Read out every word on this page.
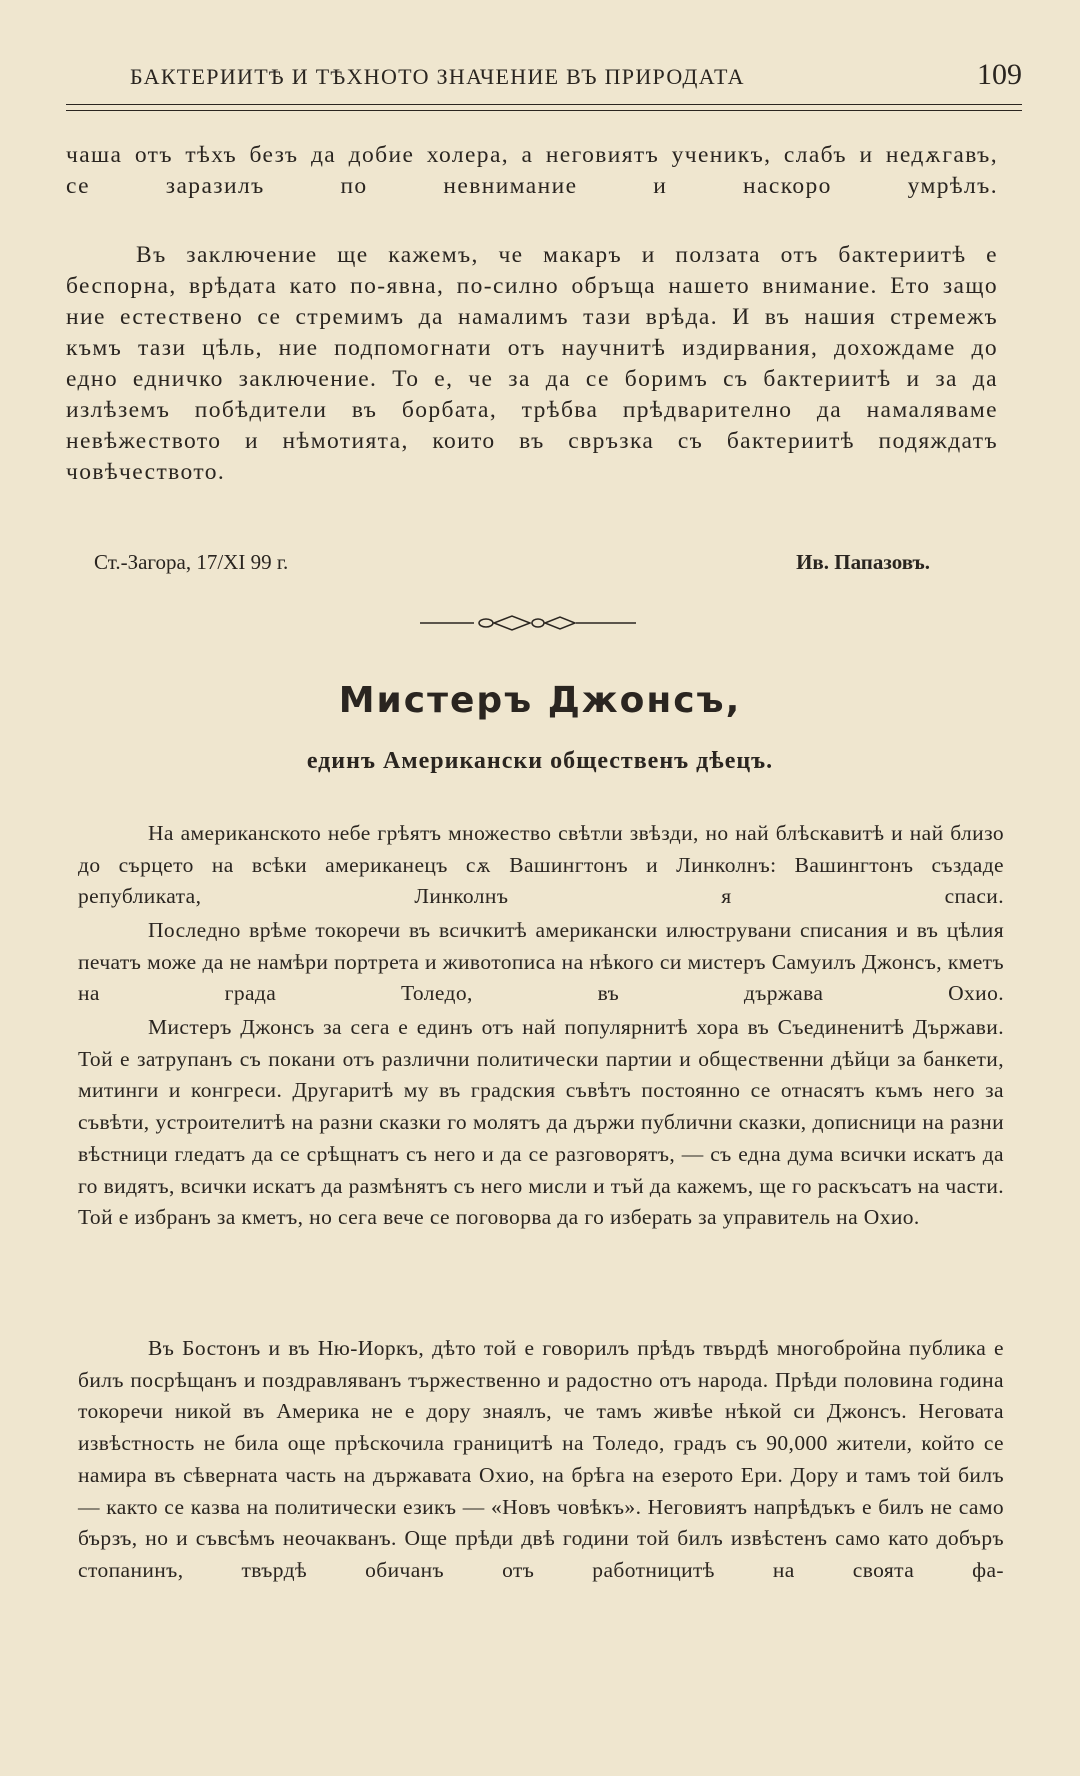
БАКТЕРИИТѢ И ТѢХНОТО ЗНАЧЕНИЕ ВЪ ПРИРОДАТА	109

чаша отъ тѣхъ безъ да добие холера, а неговиятъ ученикъ, слабъ и недѫгавъ, се заразилъ по невнимание и наскоро умрѣлъ.

Въ заключение ще кажемъ, че макаръ и ползата отъ бактериитѣ е беспорна, врѣдата като по-явна, по-силно обръща нашето внимание. Ето защо ние естествено се стремимъ да намалимъ тази врѣда. И въ нашия стремежъ къмъ тази цѣль, ние подпомогнати отъ научнитѣ издирвания, дохождаме до едно едничко заключение. То е, че за да се боримъ съ бактериитѣ и за да излѣземъ побѣдители въ борбата, трѣбва прѣдварително да намаляваме невѣжеството и нѣмотията, които въ свръзка съ бактериитѣ подяждатъ човѣчеството.

Ст.-Загора, 17/XI 99 г.	Ив. Папазовъ.
Мистеръ Джонсъ,
единъ Американски общественъ дѣецъ.

На американското небе грѣятъ множество свѣтли звѣзди, но най блѣскавитѣ и най близо до сърцето на всѣки американецъ сѫ Вашингтонъ и Линколнъ: Вашингтонъ създаде републиката, Линколнъ я спаси.

Последно врѣме токоречи въ всичкитѣ американски илюструвани списания и въ цѣлия печатъ може да не намѣри портрета и животописа на нѣкого си мистеръ Самуилъ Джонсъ, кметъ на града Толедо, въ държава Охио.

Мистеръ Джонсъ за сега е единъ отъ най популярнитѣ хора въ Съединенитѣ Държави. Той е затрупанъ съ покани отъ различни политически партии и общественни дѣйци за банкети, митинги и конгреси. Другаритѣ му въ градския съвѣтъ постоянно се отнасятъ къмъ него за съвѣти, устроителитѣ на разни сказки го молятъ да държи публични сказки, дописници на разни вѣстници гледатъ да се срѣщнатъ съ него и да се разговорятъ, — съ една дума всички искатъ да го видятъ, всички искатъ да размѣнятъ съ него мисли и тъй да кажемъ, ще го раскъсатъ на части. Той е избранъ за кметъ, но сега вече се поговорва да го изберать за управитель на Охио.

Въ Бостонъ и въ Ню-Иоркъ, дѣто той е говорилъ прѣдъ твърдѣ многобройна публика е билъ посрѣщанъ и поздравляванъ тържественно и радостно отъ народа. Прѣди половина година токоречи никой въ Америка не е дору знаялъ, че тамъ живѣе нѣкой си Джонсъ. Неговата извѣстность не била още прѣскочила границитѣ на Толедо, градъ съ 90,000 жители, който се намира въ сѣверната часть на държавата Охио, на брѣга на езерото Ери. Дору и тамъ той билъ — както се казва на политически езикъ — «Новъ човѣкъ». Неговиятъ напрѣдъкъ е билъ не само бързъ, но и съвсѣмъ неочакванъ. Още прѣди двѣ години той билъ извѣстенъ само като добъръ стопанинъ, твърдѣ обичанъ отъ работницитѣ на своята фа-
